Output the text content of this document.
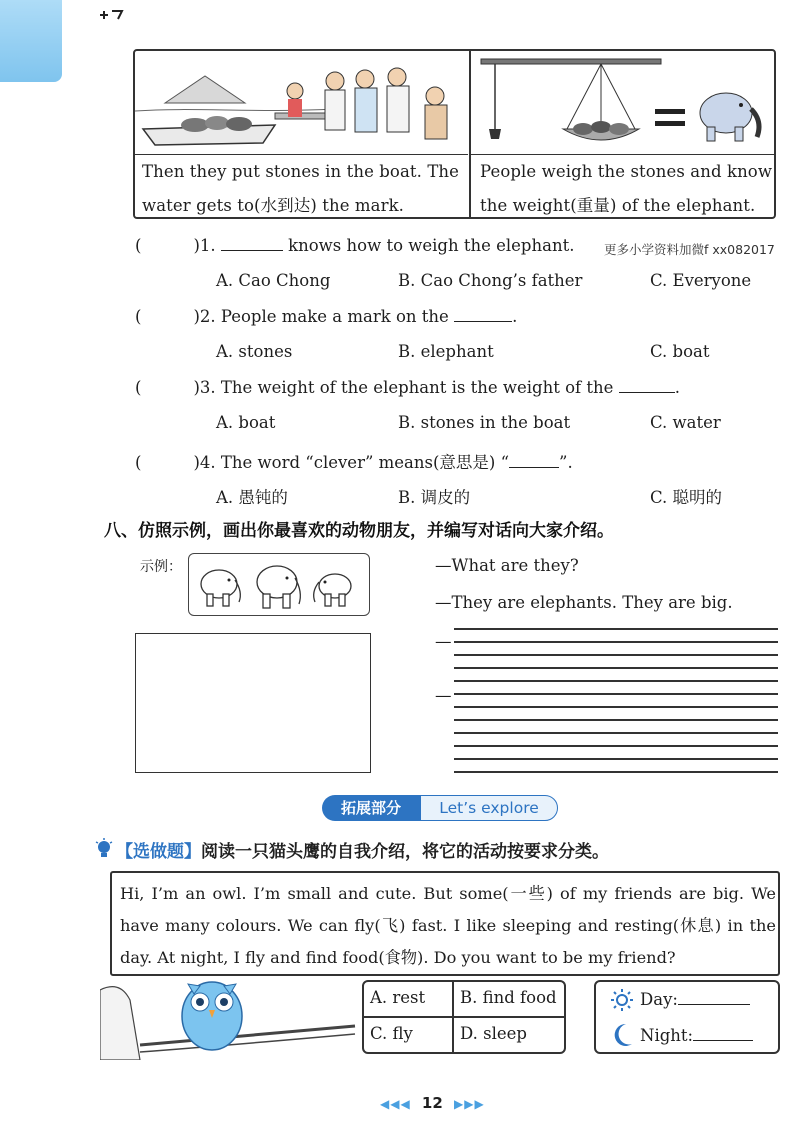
Then they put stones in the boat. The water gets to(水到达) the mark.
People weigh the stones and know the weight(重量) of the elephant.
(	)1.	knows how to weigh the elephant. 更多小学资料加微f xx082017
A. Cao Chong	B. Cao Chong’s father	C. Everyone
(	)2. People make a mark on the	.
A. stones	B. elephant	C. boat
(	)3. The weight of the elephant is the weight of the	.
A. boat	B. stones in the boat	C. water
(	)4. The word “clever” means(意思是) “	”.
A. 愚钝的	B. 调皮的	C. 聪明的
八、仿照示例，画出你最喜欢的动物朋友，并编写对话向大家介绍。
示例：	—What are they?
—They are elephants. They are big.
—
—
拓展部分	Let’s explore
【选做题】阅读一只猫头鹰的自我介绍，将它的活动按要求分类。
Hi, I’m an owl. I’m small and cute. But some(一些) of my friends are big. We have many colours. We can fly(飞) fast. I like sleeping and resting(休息) in the day. At night, I fly and find food(食物). Do you want to be my friend?
A. rest B. find food
C. fly	D. sleep
Day:
Night:
◀◀◀ 12 ▶▶▶
